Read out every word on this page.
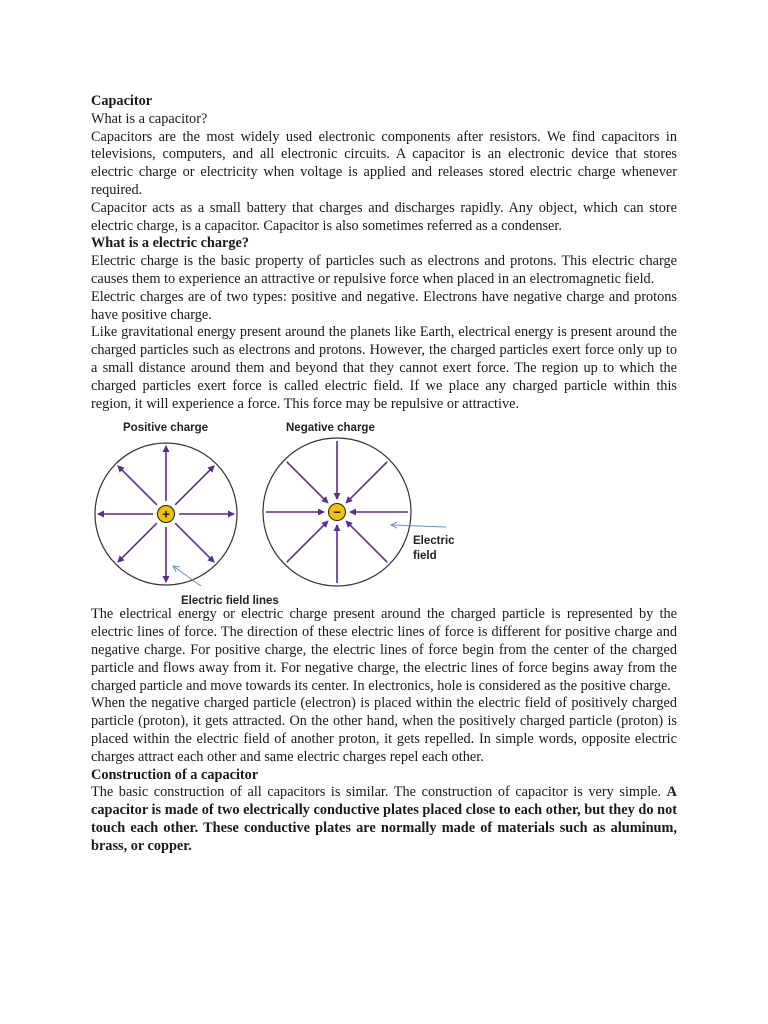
Capacitor

What is a capacitor?

Capacitors are the most widely used electronic components after resistors. We find capacitors in televisions, computers, and all electronic circuits. A capacitor is an electronic device that stores electric charge or electricity when voltage is applied and releases stored electric charge whenever required.

Capacitor acts as a small battery that charges and discharges rapidly. Any object, which can store electric charge, is a capacitor. Capacitor is also sometimes referred as a condenser.

What is a electric charge?

Electric charge is the basic property of particles such as electrons and protons. This electric charge causes them to experience an attractive or repulsive force when placed in an electromagnetic field.

Electric charges are of two types: positive and negative. Electrons have negative charge and protons have positive charge.

Like gravitational energy present around the planets like Earth, electrical energy is present around the charged particles such as electrons and protons. However, the charged particles exert force only up to a small distance around them and beyond that they cannot exert force. The region up to which the charged particles exert force is called electric field. If we place any charged particle within this region, it will experience a force. This force may be repulsive or attractive.

Positive charge	Negative charge
+	−
Electric
field
Electric field lines

The electrical energy or electric charge present around the charged particle is represented by the electric lines of force. The direction of these electric lines of force is different for positive charge and negative charge. For positive charge, the electric lines of force begin from the center of the charged particle and flows away from it. For negative charge, the electric lines of force begins away from the charged particle and move towards its center. In electronics, hole is considered as the positive charge.

When the negative charged particle (electron) is placed within the electric field of positively charged particle (proton), it gets attracted. On the other hand, when the positively charged particle (proton) is placed within the electric field of another proton, it gets repelled. In simple words, opposite electric charges attract each other and same electric charges repel each other.

Construction of a capacitor

The basic construction of all capacitors is similar. The construction of capacitor is very simple. A capacitor is made of two electrically conductive plates placed close to each other, but they do not touch each other. These conductive plates are normally made of materials such as aluminum, brass, or copper.
